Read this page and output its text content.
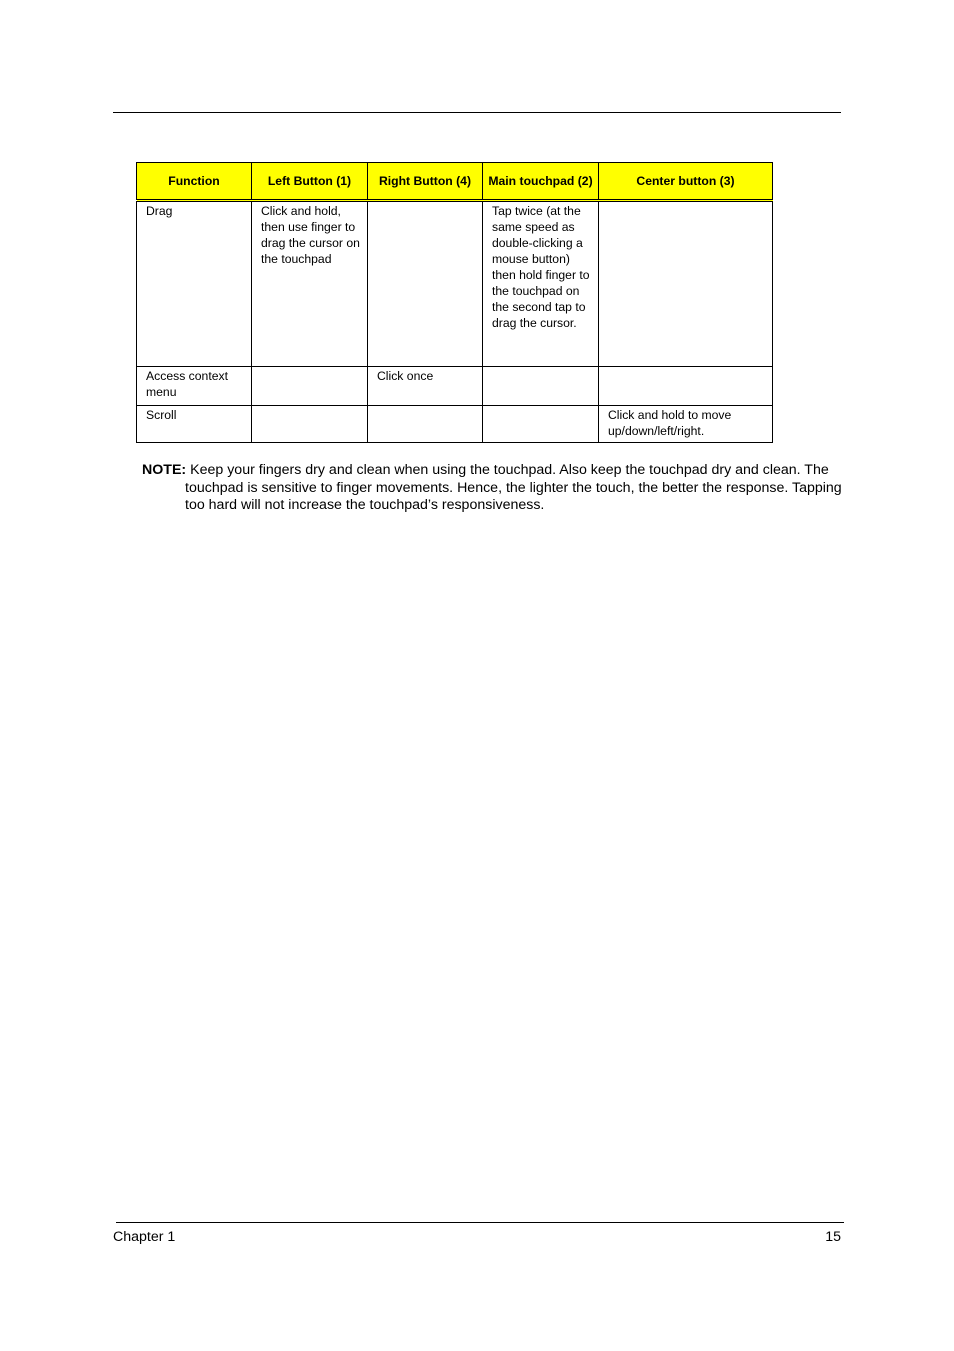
Function	Left Button (1)	Right Button (4)	Main touchpad (2)	Center button (3)
Drag	Click and hold, then use finger to drag the cursor on the touchpad		Tap twice (at the same speed as double-clicking a mouse button) then hold finger to the touchpad on the second tap to drag the cursor.	
Access context menu		Click once		
Scroll				Click and hold to move up/down/left/right.
NOTE: Keep your fingers dry and clean when using the touchpad. Also keep the touchpad dry and clean. The touchpad is sensitive to finger movements. Hence, the lighter the touch, the better the response. Tapping too hard will not increase the touchpad’s responsiveness.
Chapter 1	15
